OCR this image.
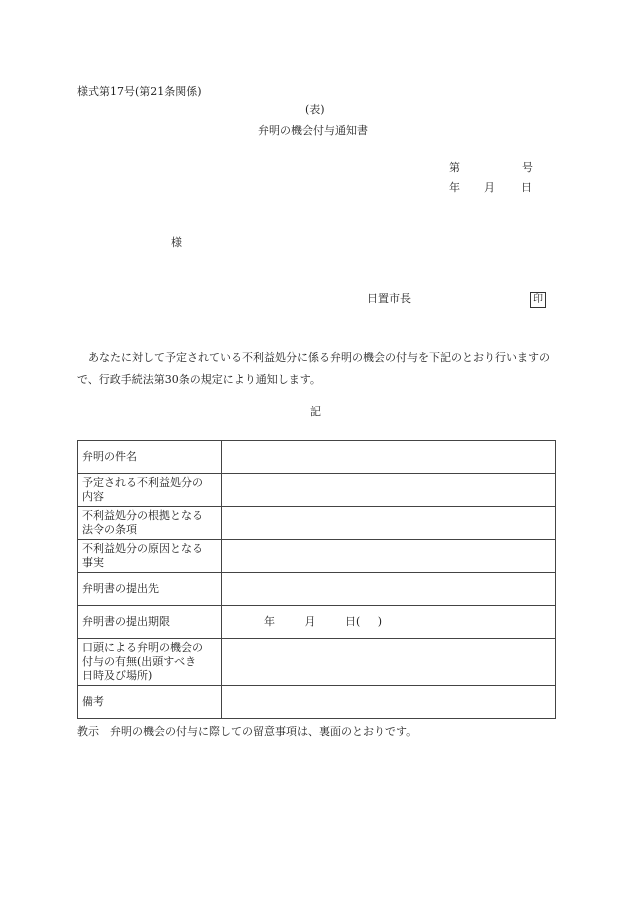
様式第17号(第21条関係)
(表)
弁明の機会付与通知書
第	号
年 月 日
様
日置市長	印
あなたに対して予定されている不利益処分に係る弁明の機会の付与を下記のとおり行いますので、行政手続法第30条の規定により通知します。
記
弁明の件名	

予定される不利益処分の
内容	

不利益処分の根拠となる
法令の条項	

不利益処分の原因となる
事実	

弁明書の提出先	

弁明書の提出期限	年 月 日( )

口頭による弁明の機会の
付与の有無(出頭すべき
日時及び場所)	

備考	

教示　弁明の機会の付与に際しての留意事項は、裏面のとおりです。
